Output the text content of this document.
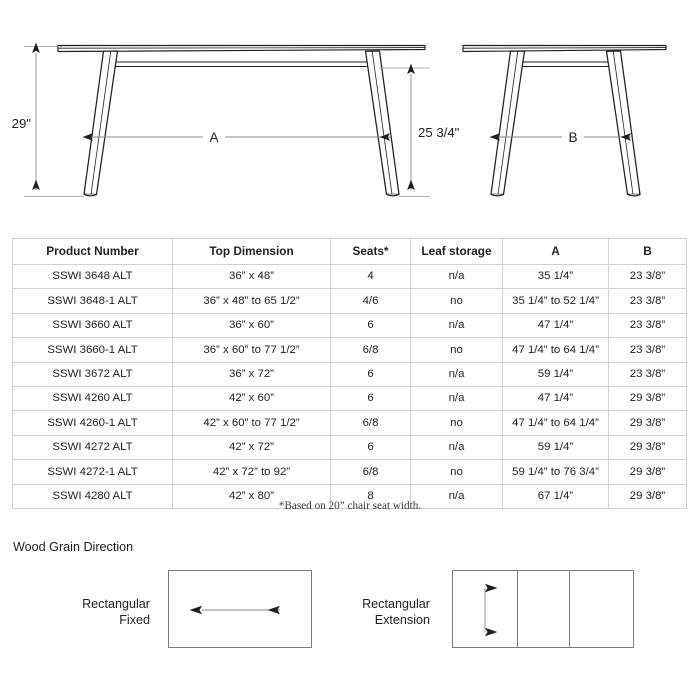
29"
25 3/4"
A	B
Product Number	Top Dimension	Seats*	Leaf storage	A	B
SSWI 3648 ALT	36” x 48”	4	n/a	35 1/4”	23 3/8”
SSWI 3648-1 ALT	36” x 48” to 65 1/2”	4/6	no	35 1/4” to 52 1/4”	23 3/8”
SSWI 3660 ALT	36” x 60”	6	n/a	47 1/4”	23 3/8”
SSWI 3660-1 ALT	36” x 60” to 77 1/2”	6/8	no	47 1/4” to 64 1/4”	23 3/8”
SSWI 3672 ALT	36” x 72”	6	n/a	59 1/4”	23 3/8”
SSWI 4260 ALT	42” x 60”	6	n/a	47 1/4”	29 3/8”
SSWI 4260-1 ALT	42” x 60” to 77 1/2”	6/8	no	47 1/4” to 64 1/4”	29 3/8”
SSWI 4272 ALT	42” x 72”	6	n/a	59 1/4”	29 3/8”
SSWI 4272-1 ALT	42” x 72” to 92”	6/8	no	59 1/4” to 76 3/4”	29 3/8”
SSWI 4280 ALT	42” x 80”	8	n/a	67 1/4”	29 3/8”
*Based on 20” chair seat width.
Wood Grain Direction
Rectangular
Fixed
Rectangular
Extension
